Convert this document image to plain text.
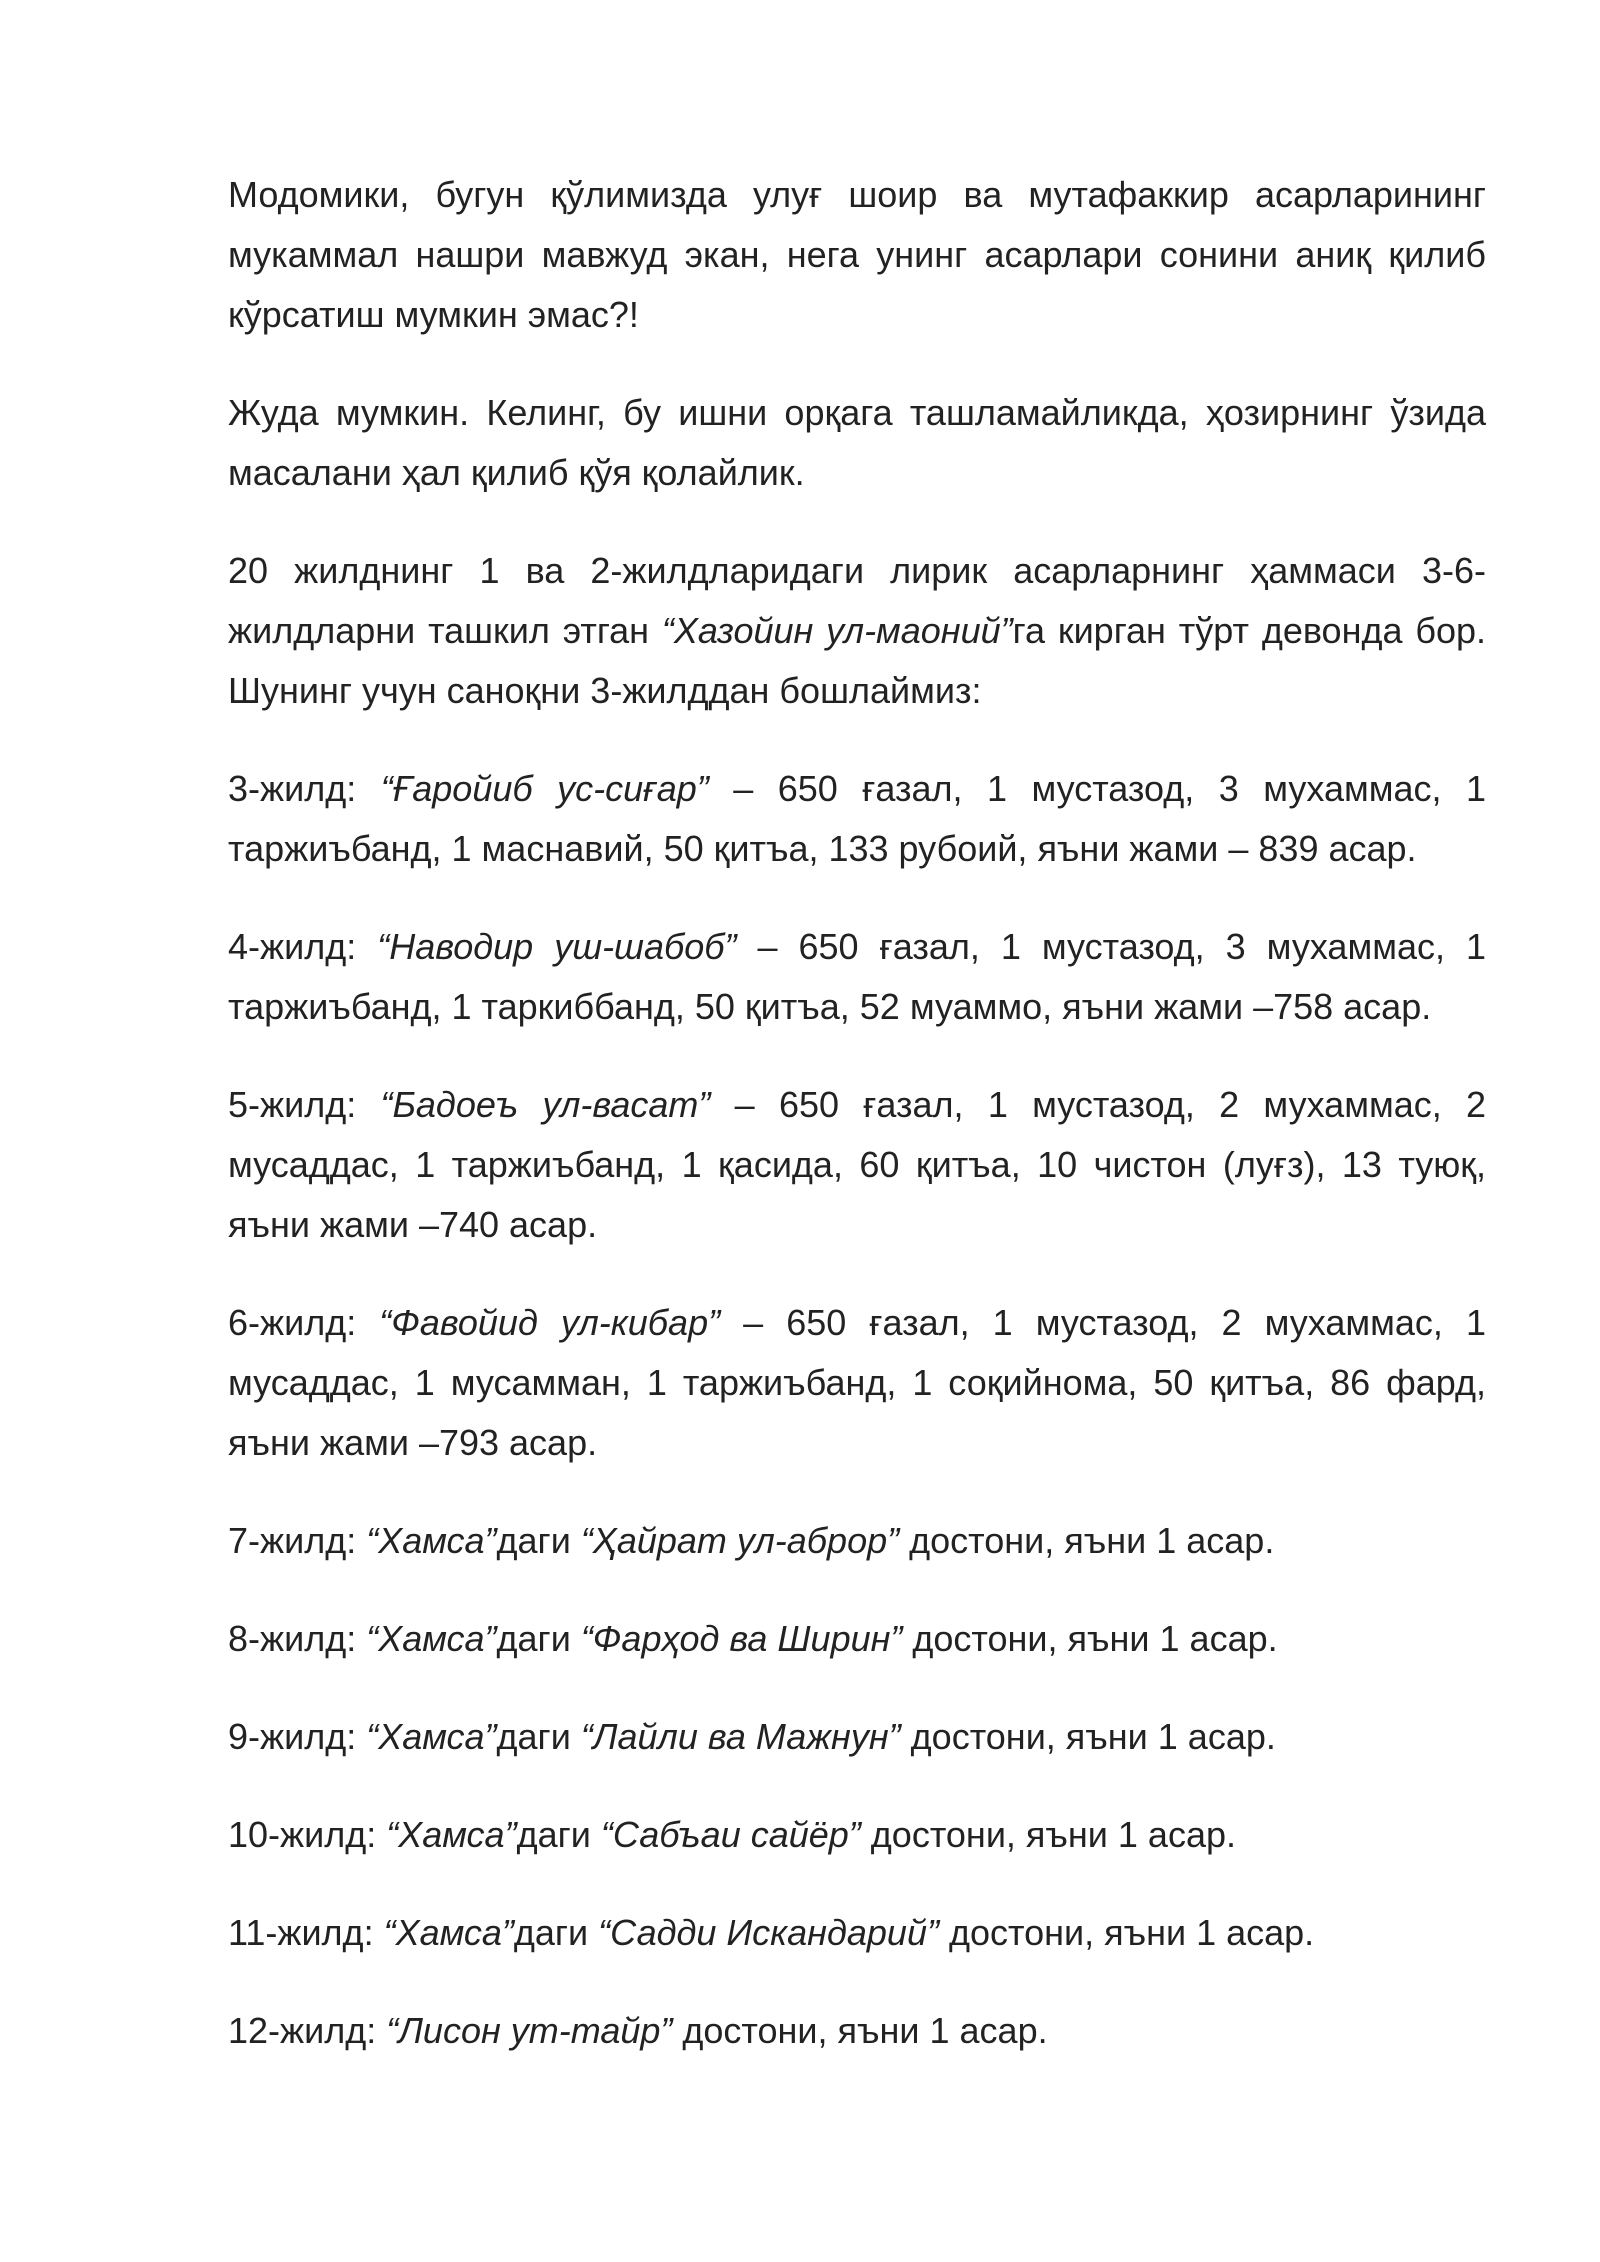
Модомики, бугун қўлимизда улуғ шоир ва мутафаккир асарларининг мукаммал нашри мавжуд экан, нега унинг асарлари сонини аниқ қилиб кўрсатиш мумкин эмас?!

Жуда мумкин. Келинг, бу ишни орқага ташламайликда, ҳозирнинг ўзида масалани ҳал қилиб қўя қолайлик.

20 жилднинг 1 ва 2-жилдларидаги лирик асарларнинг ҳаммаси 3-6-жилдларни ташкил этган “Хазойин ул-маоний”га кирган тўрт девонда бор. Шунинг учун саноқни 3-жилддан бошлаймиз:

3-жилд: “Ғаройиб ус-сиғар” – 650 ғазал, 1 мустазод, 3 мухаммас, 1 таржиъбанд, 1 маснавий, 50 қитъа, 133 рубоий, яъни жами – 839 асар.

4-жилд: “Наводир уш-шабоб” – 650 ғазал, 1 мустазод, 3 мухаммас, 1 таржиъбанд, 1 таркиббанд, 50 қитъа, 52 муаммо, яъни жами –758 асар.

5-жилд: “Бадоеъ ул-васат” – 650 ғазал, 1 мустазод, 2 мухаммас, 2 мусаддас, 1 таржиъбанд, 1 қасида, 60 қитъа, 10 чистон (луғз), 13 туюқ, яъни жами –740 асар.

6-жилд: “Фавойид ул-кибар” – 650 ғазал, 1 мустазод, 2 мухаммас, 1 мусаддас, 1 мусамман, 1 таржиъбанд, 1 соқийнома, 50 қитъа, 86 фард, яъни жами –793 асар.

7-жилд: “Хамса”даги “Ҳайрат ул-аброр” достони, яъни 1 асар.

8-жилд: “Хамса”даги “Фарҳод ва Ширин” достони, яъни 1 асар.

9-жилд: “Хамса”даги “Лайли ва Мажнун” достони, яъни 1 асар.

10-жилд: “Хамса”даги “Сабъаи сайёр” достони, яъни 1 асар.

11-жилд: “Хамса”даги “Садди Искандарий” достони, яъни 1 асар.

12-жилд: “Лисон ут-тайр” достони, яъни 1 асар.
